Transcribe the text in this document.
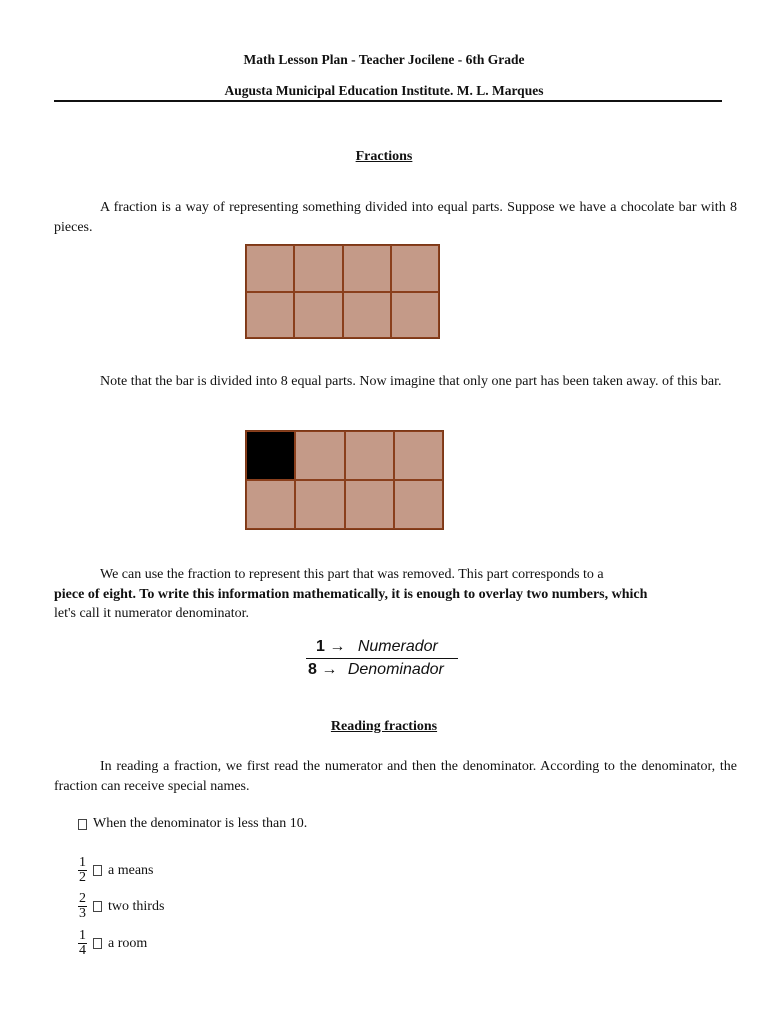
Math Lesson Plan - Teacher Jocilene - 6th Grade
Augusta Municipal Education Institute. M. L. Marques
Fractions
A fraction is a way of representing something divided into equal parts. Suppose we have a chocolate bar with 8 pieces.
Note that the bar is divided into 8 equal parts. Now imagine that only one part has been taken away. of this bar.
We can use the fraction to represent this part that was removed. This part corresponds to a
piece of eight. To write this information mathematically, it is enough to overlay two numbers, which
let's call it numerator denominator.
1 → Numerador
8 → Denominador
Reading fractions
In reading a fraction, we first read the numerator and then the denominator. According to the denominator, the fraction can receive special names.
When the denominator is less than 10.
$\frac{1}{2}$ a means
$\frac{2}{3}$ two thirds
$\frac{1}{4}$ a room
